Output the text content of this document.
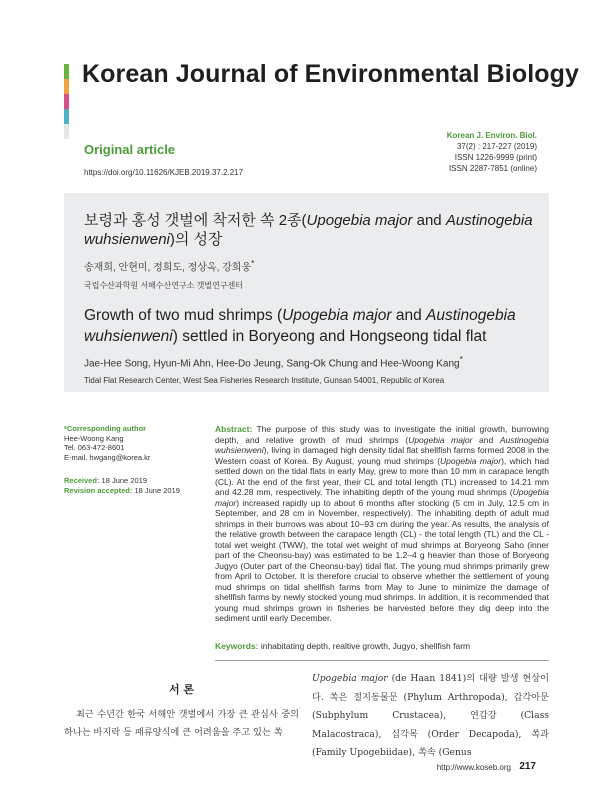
Korean Journal of Environmental Biology
Original article
https://doi.org/10.11626/KJEB.2019.37.2.217
Korean J. Environ. Biol.
37(2) : 217-227 (2019)
ISSN 1226-9999 (print)
ISSN 2287-7851 (online)
보령과 홍성 갯벌에 착저한 쏙 2종(Upogebia major and Austinogebia wuhsienweni)의 성장
송재희, 안현미, 정희도, 정상옥, 강희웅*
국립수산과학원 서해수산연구소 갯벌연구센터
Growth of two mud shrimps (Upogebia major and Austinogebia wuhsienweni) settled in Boryeong and Hongseong tidal flat
Jae-Hee Song, Hyun-Mi Ahn, Hee-Do Jeung, Sang-Ok Chung and Hee-Woong Kang*
Tidal Flat Research Center, West Sea Fisheries Research Institute, Gunsan 54001, Republic of Korea
*Corresponding author
Hee-Woong Kang
Tel. 063-472-8601
E-mail. hwgang@korea.kr
Received: 18 June 2019
Revision accepted: 18 June 2019
Abstract: The purpose of this study was to investigate the initial growth, burrowing depth, and relative growth of mud shrimps (Upogebia major and Austinogebia wuhsienweni), living in damaged high density tidal flat shellfish farms formed 2008 in the Western coast of Korea. By August, young mud shrimps (Upogebia major), which had settled down on the tidal flats in early May, grew to more than 10 mm in carapace length (CL). At the end of the first year, their CL and total length (TL) increased to 14.21 mm and 42.28 mm, respectively. The inhabiting depth of the young mud shrimps (Upogebia major) increased rapidly up to about 6 months after stocking (5 cm in July, 12.5 cm in September, and 28 cm in November, respectively). The inhabiting depth of adult mud shrimps in their burrows was about 10–93 cm during the year. As results, the analysis of the relative growth between the carapace length (CL) - the total length (TL) and the CL - total wet weight (TWW), the total wet weight of mud shrimps at Boryeong Saho (inner part of the Cheonsu-bay) was estimated to be 1.2–4 g heavier than those of Boryeong Jugyo (Outer part of the Cheonsu-bay) tidal flat. The young mud shrimps primarily grew from April to October. It is therefore crucial to observe whether the settlement of young mud shrimps on tidal shellfish farms from May to June to minimize the damage of shellfish farms by newly stocked young mud shrimps. In addition, it is recommended that young mud shrimps grown in fisheries be harvested before they dig deep into the sediment until early December.
Keywords: inhabitating depth, realtive growth, Jugyo, shellfish farm
서 론
최근 수년간 한국 서해안 갯벌에서 가장 큰 관심사 중의 하나는 바지락 등 패류양식에 큰 어려움을 주고 있는 쏙
Upogebia major (de Haan 1841)의 대량 발생 현상이다. 쏙은 절지동물문 (Phylum Arthropoda), 갑각아문 (Subphylum Crustacea), 연갑강 (Class Malacostraca), 십각목 (Order Decapoda), 쏙과 (Family Upogebiidae), 쏙속 (Genus
http://www.koseb.org 217
